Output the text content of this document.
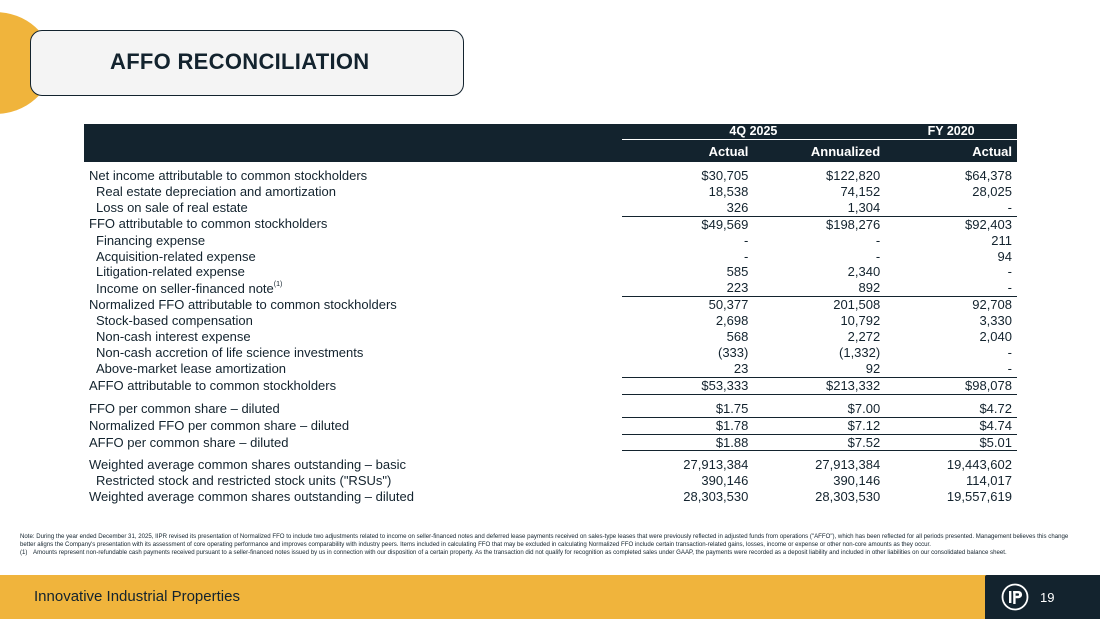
AFFO RECONCILIATION
	4Q 2025		FY 2020
	Actual	Annualized	Actual

Net income attributable to common stockholders	$30,705	$122,820	$64,378
Real estate depreciation and amortization	18,538	74,152	28,025
Loss on sale of real estate	326	1,304	-
FFO attributable to common stockholders	$49,569	$198,276	$92,403
Financing expense	-	-	211
Acquisition-related expense	-	-	94
Litigation-related expense	585	2,340	-
Income on seller-financed note$^{(1)}$	223	892	-
Normalized FFO attributable to common stockholders	50,377	201,508	92,708
Stock-based compensation	2,698	10,792	3,330
Non-cash interest expense	568	2,272	2,040
Non-cash accretion of life science investments	(333)	(1,332)	-
Above-market lease amortization	23	92	-
AFFO attributable to common stockholders	$53,333	$213,332	$98,078

FFO per common share – diluted	$1.75	$7.00	$4.72
Normalized FFO per common share – diluted	$1.78	$7.12	$4.74
AFFO per common share – diluted	$1.88	$7.52	$5.01

Weighted average common shares outstanding – basic	27,913,384	27,913,384	19,443,602
Restricted stock and restricted stock units ("RSUs")	390,146	390,146	114,017
Weighted average common shares outstanding – diluted	28,303,530	28,303,530	19,557,619

Note: During the year ended December 31, 2025, IIPR revised its presentation of Normalized FFO to include two adjustments related to income on seller-financed notes and deferred lease payments received on sales-type leases that were previously reflected in adjusted funds from operations ("AFFO"), which has been reflected for all periods presented. Management believes this change better aligns the Company's presentation with its assessment of core operating performance and improves comparability with industry peers. Items included in calculating FFO that may be excluded in calculating Normalized FFO include certain transaction-related gains, losses, income or expense or other non-core amounts as they occur.

(1) Amounts represent non-refundable cash payments received pursuant to a seller-financed notes issued by us in connection with our disposition of a certain property. As the transaction did not qualify for recognition as completed sales under GAAP, the payments were recorded as a deposit liability and included in other liabilities on our consolidated balance sheet.
Innovative Industrial Properties	19
